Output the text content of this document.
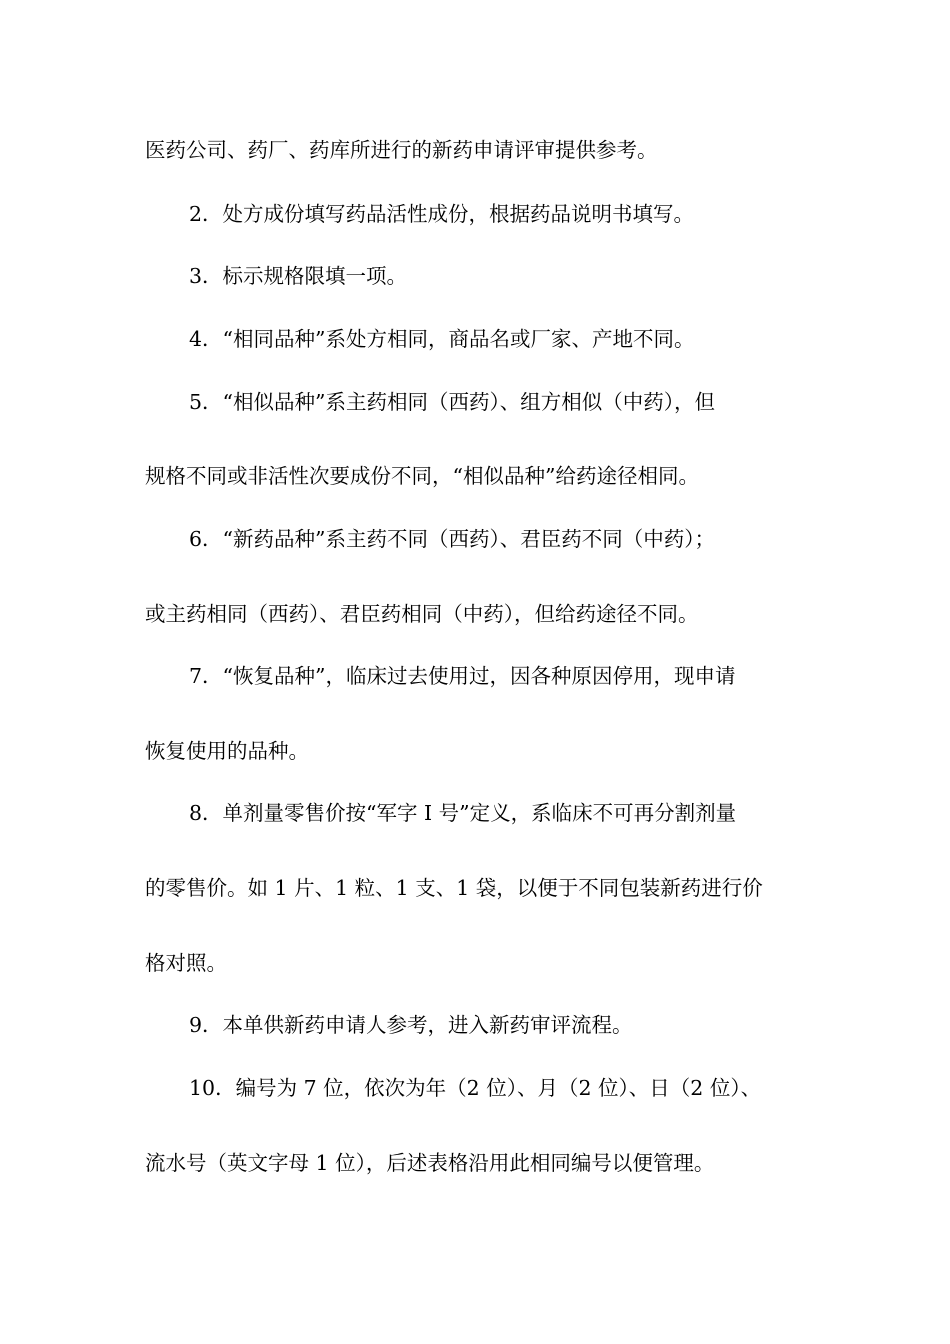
医药公司、药厂、药库所进行的新药申请评审提供参考。
2．处方成份填写药品活性成份，根据药品说明书填写。
3．标示规格限填一项。
4．“相同品种”系处方相同，商品名或厂家、产地不同。
5．“相似品种”系主药相同（西药）、组方相似（中药），但
规格不同或非活性次要成份不同，“相似品种”给药途径相同。
6．“新药品种”系主药不同（西药）、君臣药不同（中药）；
或主药相同（西药）、君臣药相同（中药），但给药途径不同。
7．“恢复品种”，临床过去使用过，因各种原因停用，现申请
恢复使用的品种。
8．单剂量零售价按“军字 I 号”定义，系临床不可再分割剂量
的零售价。如 1 片、1 粒、1 支、1 袋，以便于不同包装新药进行价
格对照。
9．本单供新药申请人参考，进入新药审评流程。
10．编号为 7 位，依次为年（2 位）、月（2 位）、日（2 位）、
流水号（英文字母 1 位），后述表格沿用此相同编号以便管理。
